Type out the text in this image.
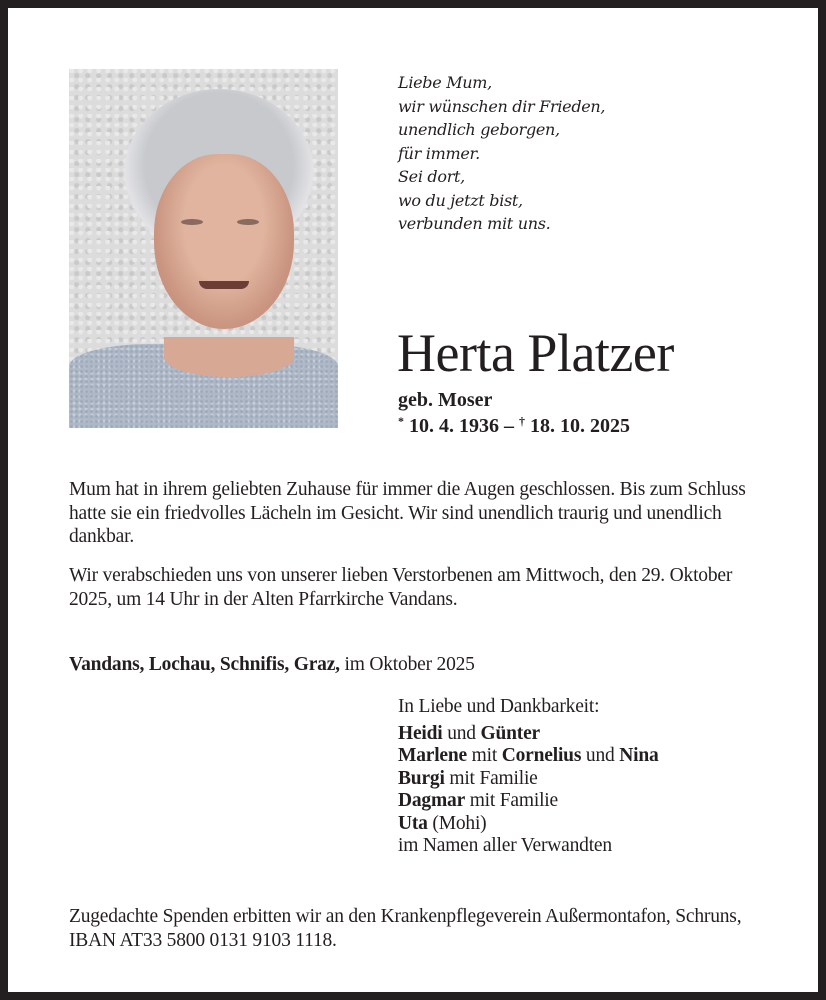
Liebe Mum,
wir wünschen dir Frieden,
unendlich geborgen,
für immer.
Sei dort,
wo du jetzt bist,
verbunden mit uns.
Herta Platzer
geb. Moser
* 10. 4. 1936 – † 18. 10. 2025
Mum hat in ihrem geliebten Zuhause für immer die Augen geschlossen. Bis zum Schluss hatte sie ein friedvolles Lächeln im Gesicht. Wir sind unendlich traurig und unendlich dankbar.
Wir verabschieden uns von unserer lieben Verstorbenen am Mittwoch, den 29. Oktober 2025, um 14 Uhr in der Alten Pfarrkirche Vandans.
Vandans, Lochau, Schnifis, Graz, im Oktober 2025
In Liebe und Dankbarkeit:
Heidi und Günter
Marlene mit Cornelius und Nina
Burgi mit Familie
Dagmar mit Familie
Uta (Mohi)
im Namen aller Verwandten
Zugedachte Spenden erbitten wir an den Krankenpflegeverein Außermontafon, Schruns, IBAN AT33 5800 0131 9103 1118.
